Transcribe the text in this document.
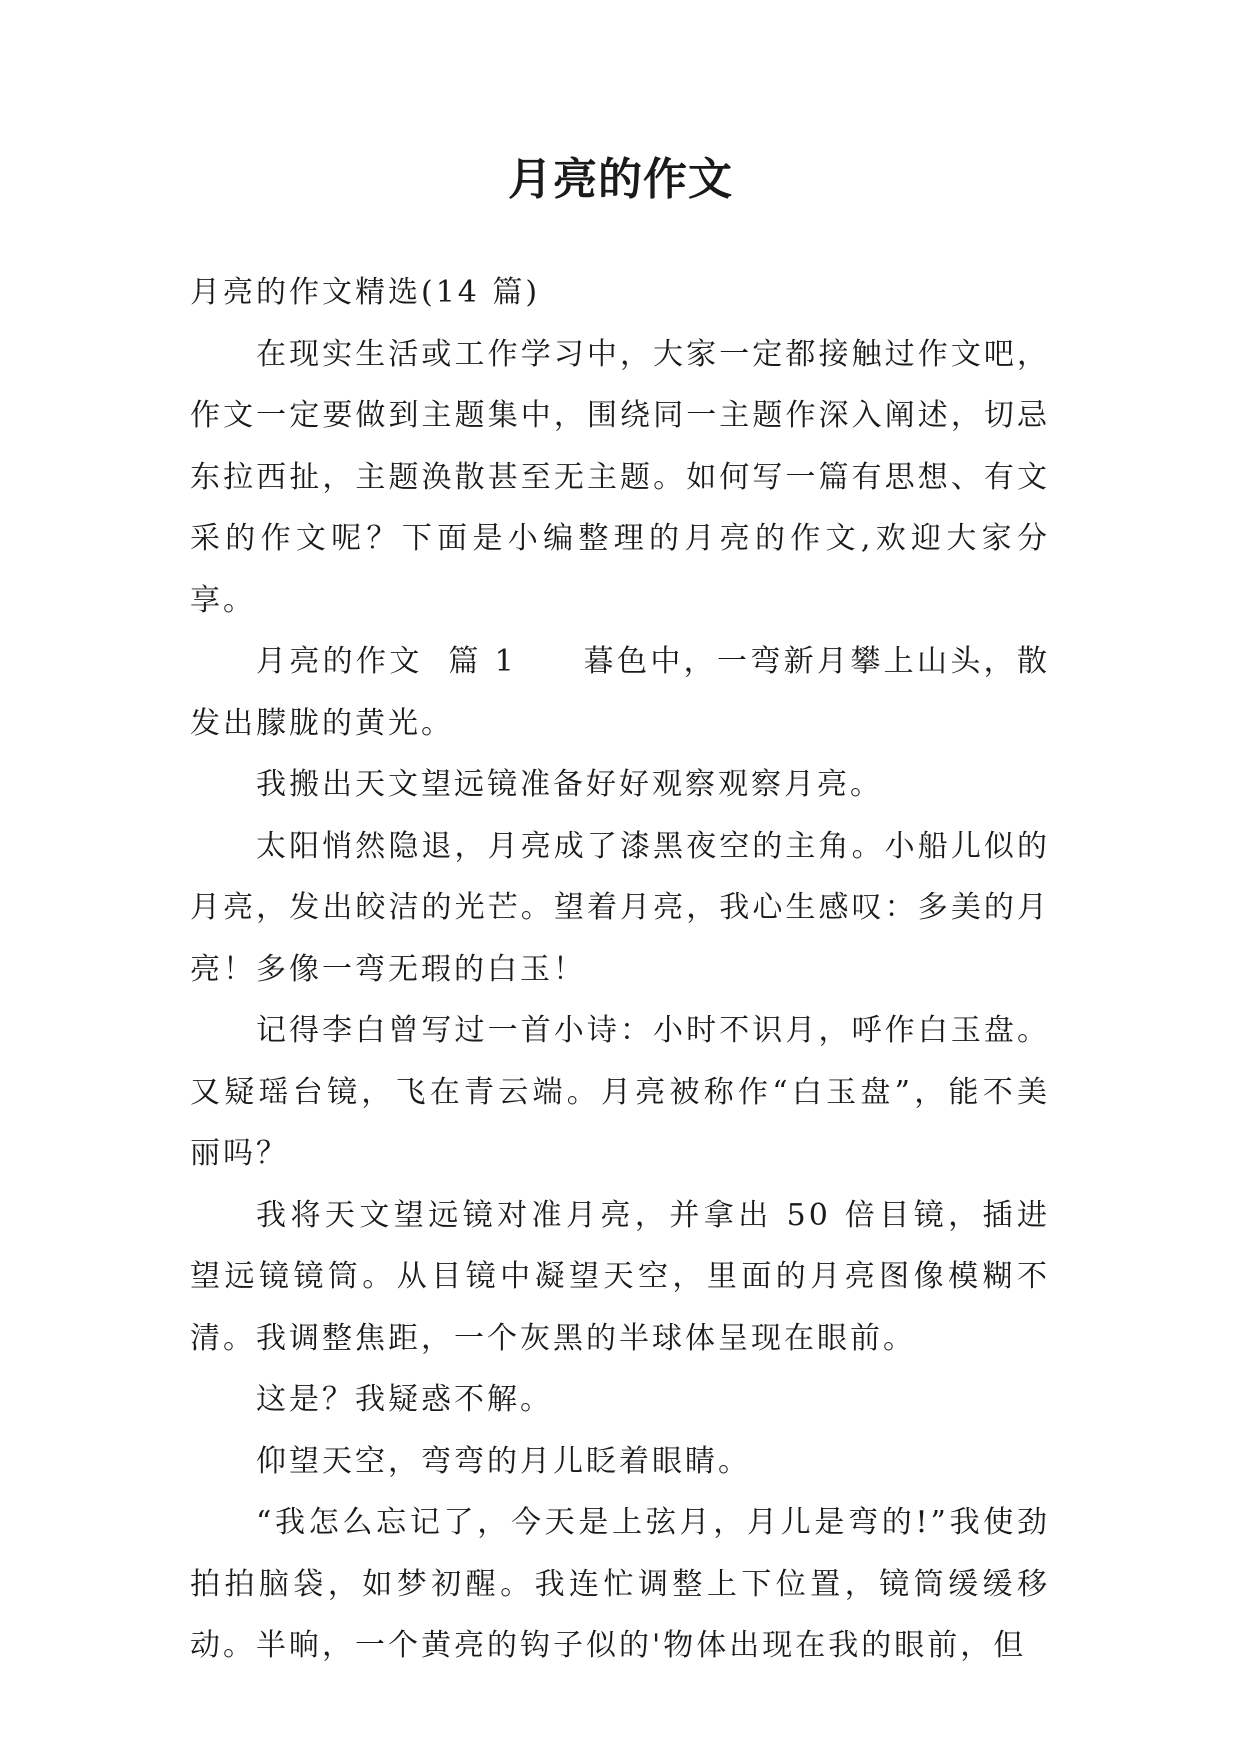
月亮的作文

月亮的作文精选(14 篇)

在现实生活或工作学习中，大家一定都接触过作文吧，作文一定要做到主题集中，围绕同一主题作深入阐述，切忌东拉西扯，主题涣散甚至无主题。如何写一篇有思想、有文采的作文呢？下面是小编整理的月亮的作文,欢迎大家分享。

月亮的作文  篇 1　　暮色中，一弯新月攀上山头，散发出朦胧的黄光。

我搬出天文望远镜准备好好观察观察月亮。

太阳悄然隐退，月亮成了漆黑夜空的主角。小船儿似的月亮，发出皎洁的光芒。望着月亮，我心生感叹：多美的月亮！多像一弯无瑕的白玉！

记得李白曾写过一首小诗：小时不识月，呼作白玉盘。又疑瑶台镜，飞在青云端。月亮被称作“白玉盘”，能不美丽吗？

我将天文望远镜对准月亮，并拿出 50 倍目镜，插进望远镜镜筒。从目镜中凝望天空，里面的月亮图像模糊不清。我调整焦距，一个灰黑的半球体呈现在眼前。

这是？我疑惑不解。

仰望天空，弯弯的月儿眨着眼睛。

“我怎么忘记了，今天是上弦月，月儿是弯的!”我使劲拍拍脑袋，如梦初醒。我连忙调整上下位置，镜筒缓缓移动。半晌，一个黄亮的钩子似的'物体出现在我的眼前，但
